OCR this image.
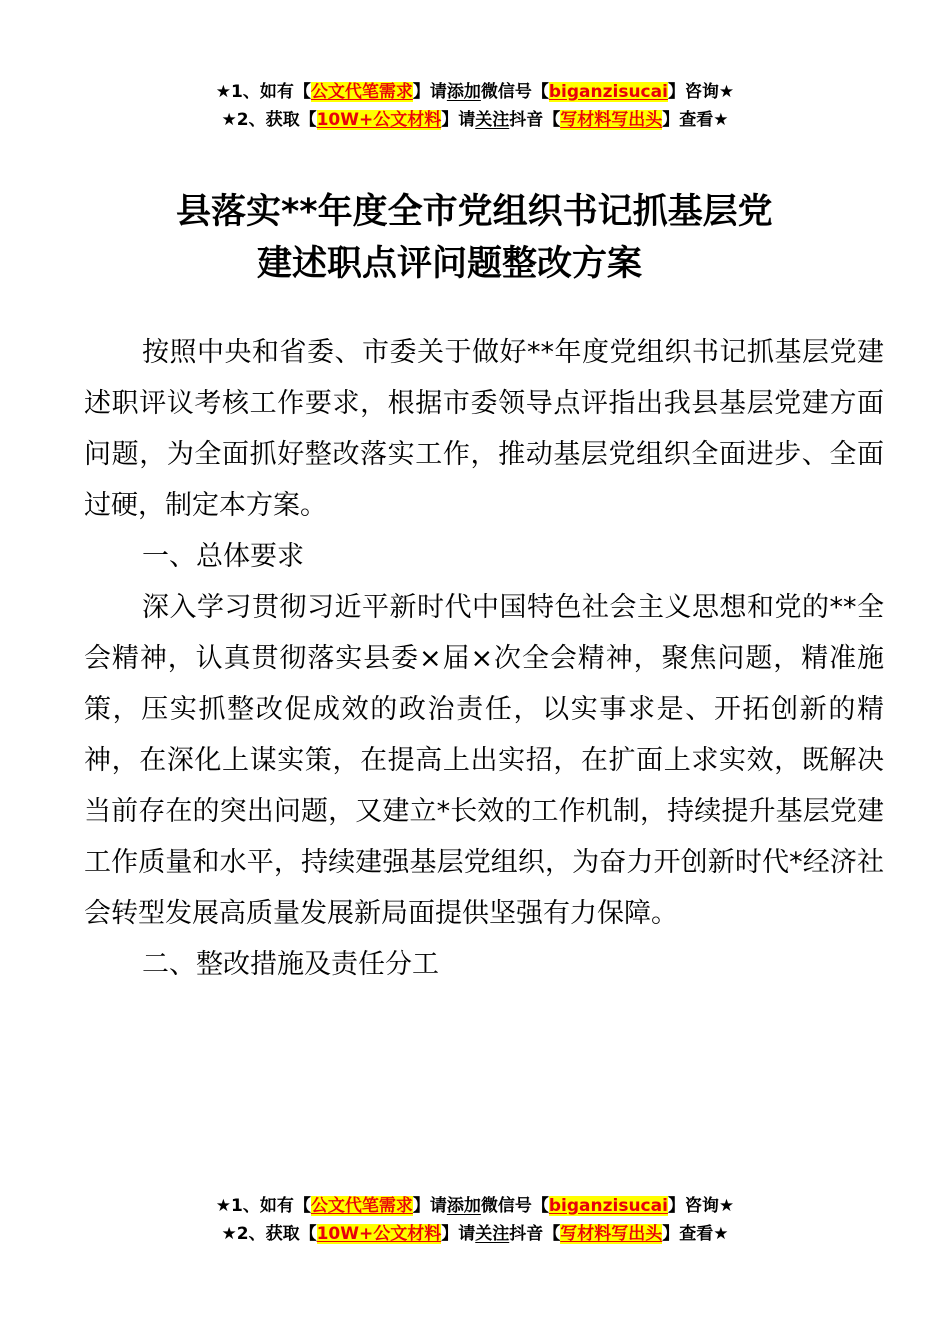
★1、如有【公文代笔需求】请添加微信号【biganzisucai】咨询★
★2、获取【10W+公文材料】请关注抖音【写材料写出头】查看★
县落实**年度全市党组织书记抓基层党
建述职点评问题整改方案

按照中央和省委、市委关于做好**年度党组织书记抓基层党建述职评议考核工作要求，根据市委领导点评指出我县基层党建方面问题，为全面抓好整改落实工作，推动基层党组织全面进步、全面过硬，制定本方案。

一、总体要求

深入学习贯彻习近平新时代中国特色社会主义思想和党的**全会精神，认真贯彻落实县委×届×次全会精神，聚焦问题，精准施策，压实抓整改促成效的政治责任，以实事求是、开拓创新的精神，在深化上谋实策，在提高上出实招，在扩面上求实效，既解决当前存在的突出问题，又建立*长效的工作机制，持续提升基层党建工作质量和水平，持续建强基层党组织，为奋力开创新时代*经济社会转型发展高质量发展新局面提供坚强有力保障。

二、整改措施及责任分工

★1、如有【公文代笔需求】请添加微信号【biganzisucai】咨询★
★2、获取【10W+公文材料】请关注抖音【写材料写出头】查看★
